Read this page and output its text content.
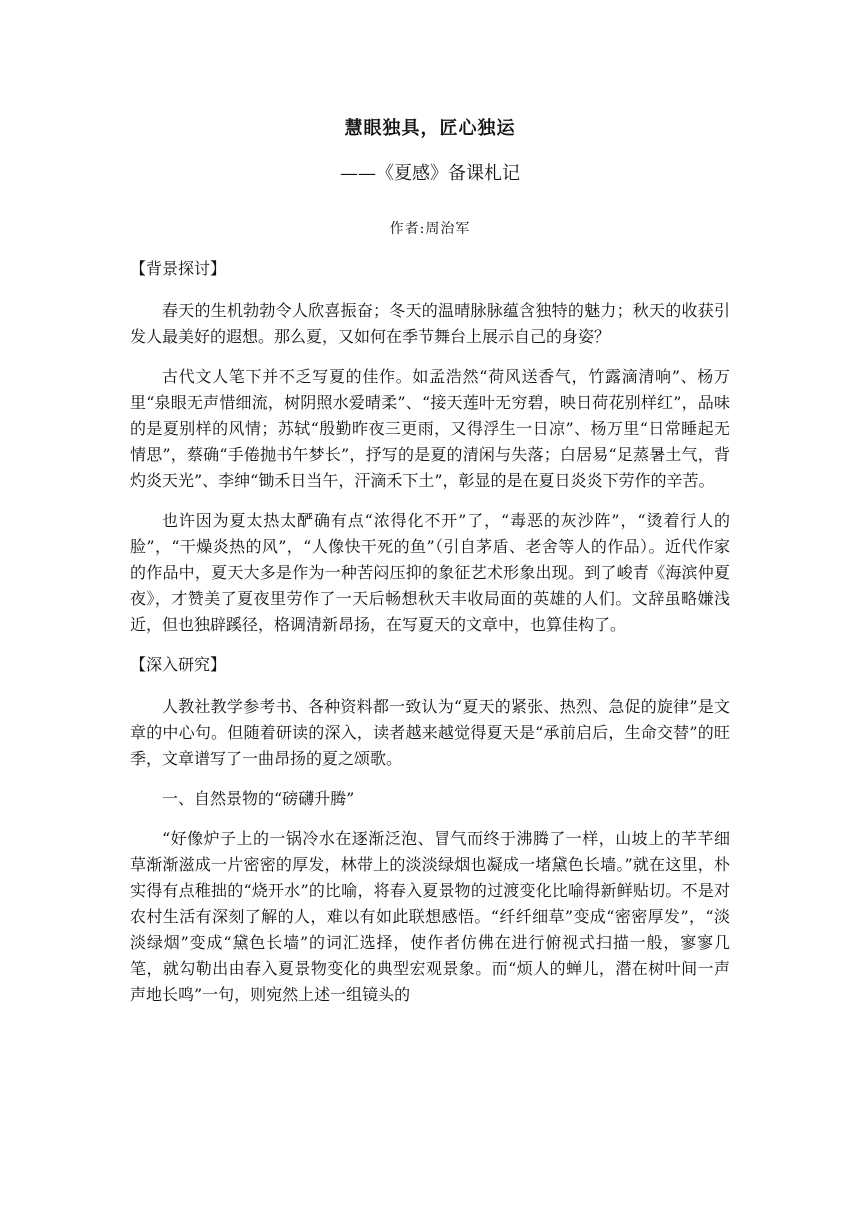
慧眼独具，匠心独运
——《夏感》备课札记
作者:周治军
【背景探讨】

春天的生机勃勃令人欣喜振奋；冬天的温晴脉脉蕴含独特的魅力；秋天的收获引发人最美好的遐想。那么夏，又如何在季节舞台上展示自己的身姿？

古代文人笔下并不乏写夏的佳作。如孟浩然“荷风送香气，竹露滴清响”、杨万里“泉眼无声惜细流，树阴照水爱晴柔”、“接天莲叶无穷碧，映日荷花别样红”，品味的是夏别样的风情；苏轼“殷勤昨夜三更雨，又得浮生一日凉”、杨万里“日常睡起无情思”，蔡确“手倦抛书午梦长”，抒写的是夏的清闲与失落；白居易“足蒸暑土气，背灼炎天光”、李绅“锄禾日当午，汗滴禾下土”，彰显的是在夏日炎炎下劳作的辛苦。

也许因为夏太热太酽确有点“浓得化不开”了，“毒恶的灰沙阵”，“烫着行人的脸”，“干燥炎热的风”，“人像快干死的鱼”（引自茅盾、老舍等人的作品）。近代作家的作品中，夏天大多是作为一种苦闷压抑的象征艺术形象出现。到了峻青《海滨仲夏夜》，才赞美了夏夜里劳作了一天后畅想秋天丰收局面的英雄的人们。文辞虽略嫌浅近，但也独辟蹊径，格调清新昂扬，在写夏天的文章中，也算佳构了。

【深入研究】

人教社教学参考书、各种资料都一致认为“夏天的紧张、热烈、急促的旋律”是文章的中心句。但随着研读的深入，读者越来越觉得夏天是“承前启后，生命交替”的旺季，文章谱写了一曲昂扬的夏之颂歌。

一、自然景物的“磅礴升腾”

“好像炉子上的一锅冷水在逐渐泛泡、冒气而终于沸腾了一样，山坡上的芊芊细草渐渐滋成一片密密的厚发，林带上的淡淡绿烟也凝成一堵黛色长墙。”就在这里，朴实得有点稚拙的“烧开水”的比喻，将春入夏景物的过渡变化比喻得新鲜贴切。不是对农村生活有深刻了解的人，难以有如此联想感悟。“纤纤细草”变成“密密厚发”，“淡淡绿烟”变成“黛色长墙”的词汇选择，使作者仿佛在进行俯视式扫描一般，寥寥几笔，就勾勒出由春入夏景物变化的典型宏观景象。而“烦人的蝉儿，潜在树叶间一声声地长鸣”一句，则宛然上述一组镜头的
